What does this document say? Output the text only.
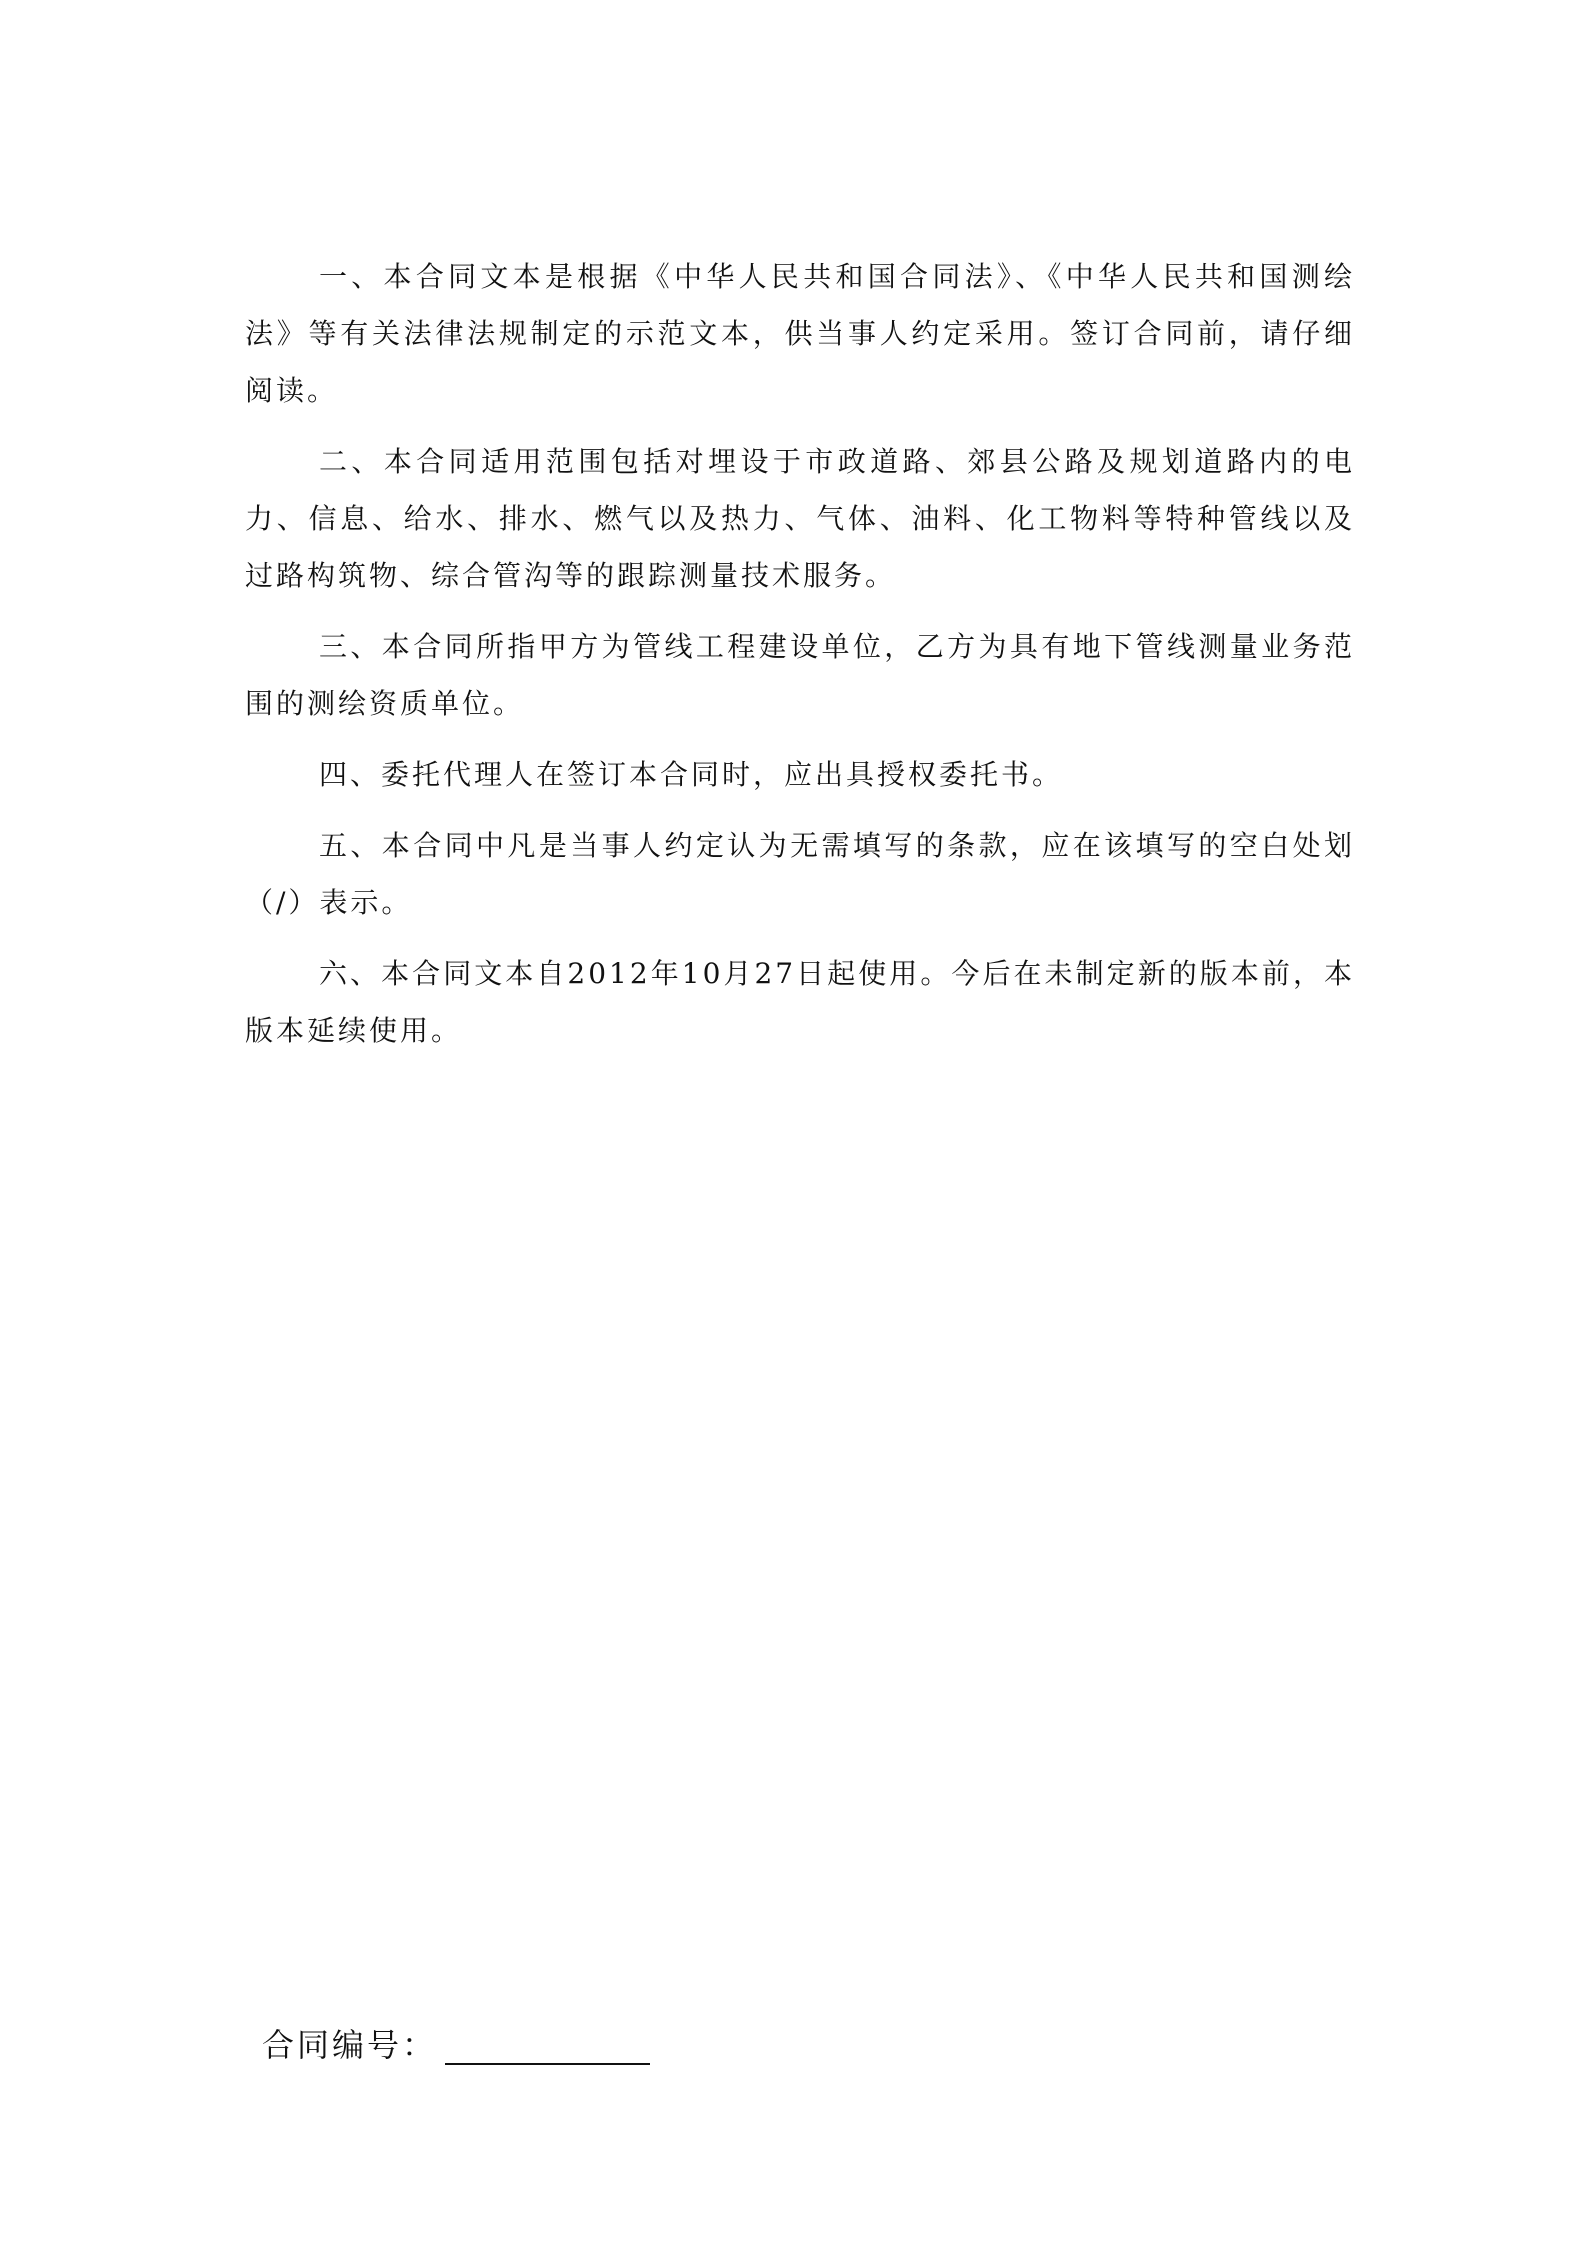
一、本合同文本是根据《中华人民共和国合同法》、《中华人民共和国测绘法》等有关法律法规制定的示范文本，供当事人约定采用。签订合同前，请仔细阅读。

二、本合同适用范围包括对埋设于市政道路、郊县公路及规划道路内的电力、信息、给水、排水、燃气以及热力、气体、油料、化工物料等特种管线以及过路构筑物、综合管沟等的跟踪测量技术服务。

三、本合同所指甲方为管线工程建设单位，乙方为具有地下管线测量业务范围的测绘资质单位。

四、委托代理人在签订本合同时，应出具授权委托书。

五、本合同中凡是当事人约定认为无需填写的条款，应在该填写的空白处划（/）表示。

六、本合同文本自2012年10月27日起使用。今后在未制定新的版本前，本版本延续使用。

合同编号：
